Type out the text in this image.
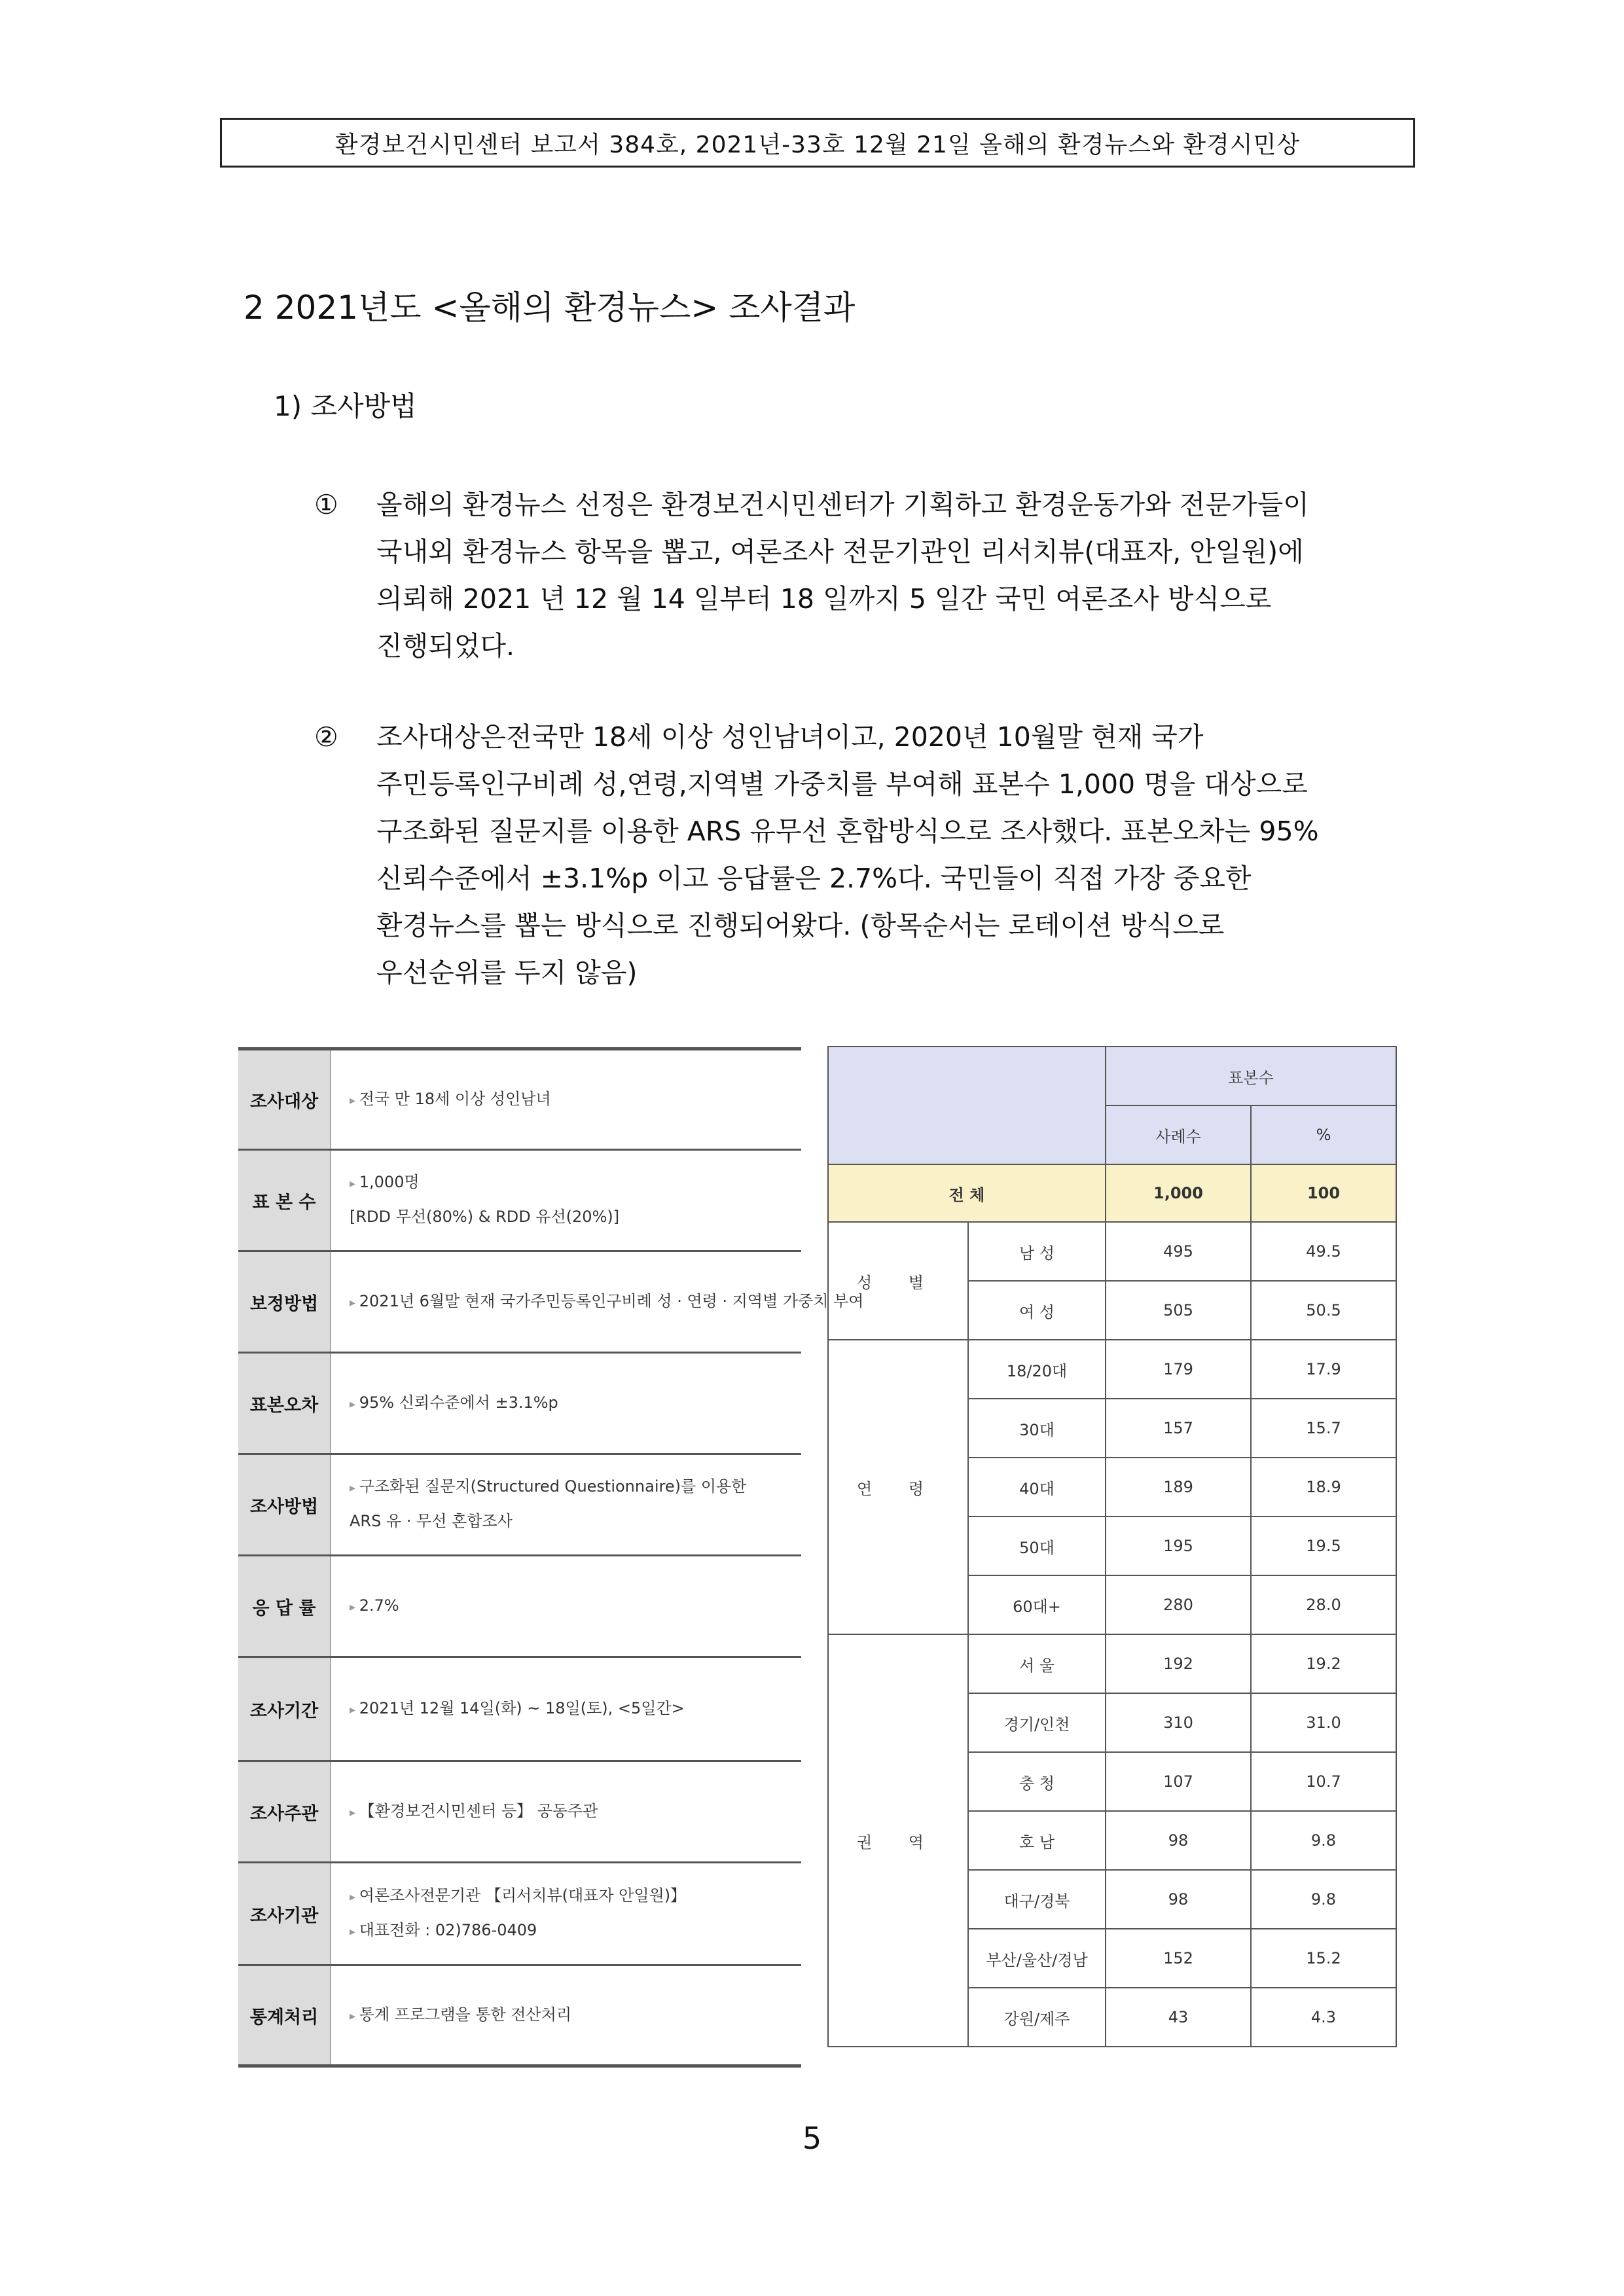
환경보건시민센터 보고서 384호, 2021년-33호 12월 21일 올해의 환경뉴스와 환경시민상
2 2021년도 <올해의 환경뉴스> 조사결과
1) 조사방법
① 올해의 환경뉴스 선정은 환경보건시민센터가 기획하고 환경운동가와 전문가들이
국내외 환경뉴스 항목을 뽑고, 여론조사 전문기관인 리서치뷰(대표자, 안일원)에
의뢰해 2021 년 12 월 14 일부터 18 일까지 5 일간 국민 여론조사 방식으로
진행되었다.
② 조사대상은전국만 18세 이상 성인남녀이고, 2020년 10월말 현재 국가
주민등록인구비례 성,연령,지역별 가중치를 부여해 표본수 1,000 명을 대상으로
구조화된 질문지를 이용한 ARS 유무선 혼합방식으로 조사했다. 표본오차는 95%
신뢰수준에서 ±3.1%p 이고 응답률은 2.7%다. 국민들이 직접 가장 중요한
환경뉴스를 뽑는 방식으로 진행되어왔다. (항목순서는 로테이션 방식으로
우선순위를 두지 않음)
조사대상	▸ 전국 만 18세 이상 성인남녀
표 본 수
▸ 1,000명
[RDD 무선(80%) & RDD 유선(20%)]
보정방법	▸ 2021년 6월말 현재 국가주민등록인구비례 성 · 연령 · 지역별 가중치 부여
표본오차	▸ 95% 신뢰수준에서 ±3.1%p
조사방법
▸ 구조화된 질문지(Structured Questionnaire)를 이용한
ARS 유 · 무선 혼합조사
응 답 률	▸ 2.7%
조사기간	▸ 2021년 12월 14일(화) ~ 18일(토), <5일간>
조사주관	▸ 【환경보건시민센터 등】 공동주관
조사기관
▸ 여론조사전문기관 【리서치뷰(대표자 안일원)】
▸ 대표전화 : 02)786-0409
통계처리	▸ 통계 프로그램을 통한 전산처리
		표본수	
		사례수	%
전 체		1,000	100
성 별	남 성	495	49.5
	여 성	505	50.5
연 령	18/20대	179	17.9
	30대	157	15.7
	40대	189	18.9
	50대	195	19.5
	60대+	280	28.0
권 역	서 울	192	19.2
	경기/인천	310	31.0
	충 청	107	10.7
	호 남	98	9.8
	대구/경북	98	9.8
	부산/울산/경남	152	15.2
	강원/제주	43	4.3
5
